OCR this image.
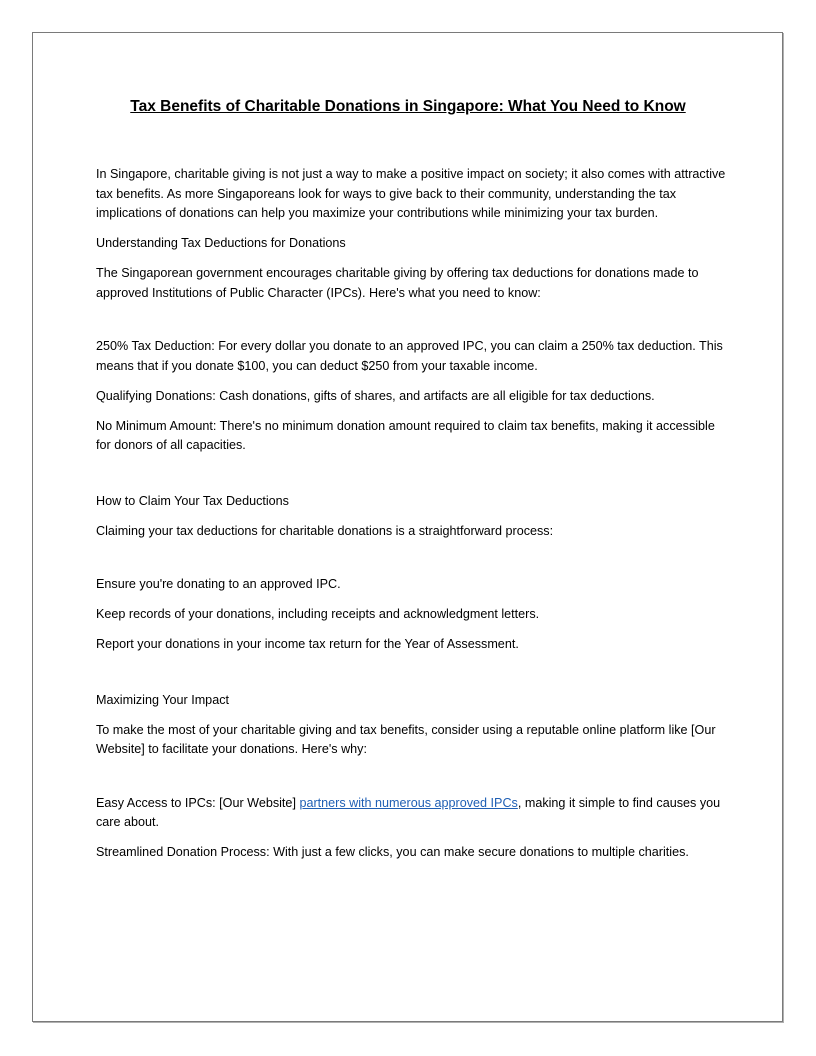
Tax Benefits of Charitable Donations in Singapore: What You Need to Know

In Singapore, charitable giving is not just a way to make a positive impact on society; it also comes with attractive tax benefits. As more Singaporeans look for ways to give back to their community, understanding the tax implications of donations can help you maximize your contributions while minimizing your tax burden.

Understanding Tax Deductions for Donations

The Singaporean government encourages charitable giving by offering tax deductions for donations made to approved Institutions of Public Character (IPCs). Here's what you need to know:

250% Tax Deduction: For every dollar you donate to an approved IPC, you can claim a 250% tax deduction. This means that if you donate $100, you can deduct $250 from your taxable income.

Qualifying Donations: Cash donations, gifts of shares, and artifacts are all eligible for tax deductions.

No Minimum Amount: There's no minimum donation amount required to claim tax benefits, making it accessible for donors of all capacities.

How to Claim Your Tax Deductions

Claiming your tax deductions for charitable donations is a straightforward process:

Ensure you're donating to an approved IPC.

Keep records of your donations, including receipts and acknowledgment letters.

Report your donations in your income tax return for the Year of Assessment.

Maximizing Your Impact

To make the most of your charitable giving and tax benefits, consider using a reputable online platform like [Our Website] to facilitate your donations. Here's why:

Easy Access to IPCs: [Our Website] partners with numerous approved IPCs, making it simple to find causes you care about.

Streamlined Donation Process: With just a few clicks, you can make secure donations to multiple charities.
